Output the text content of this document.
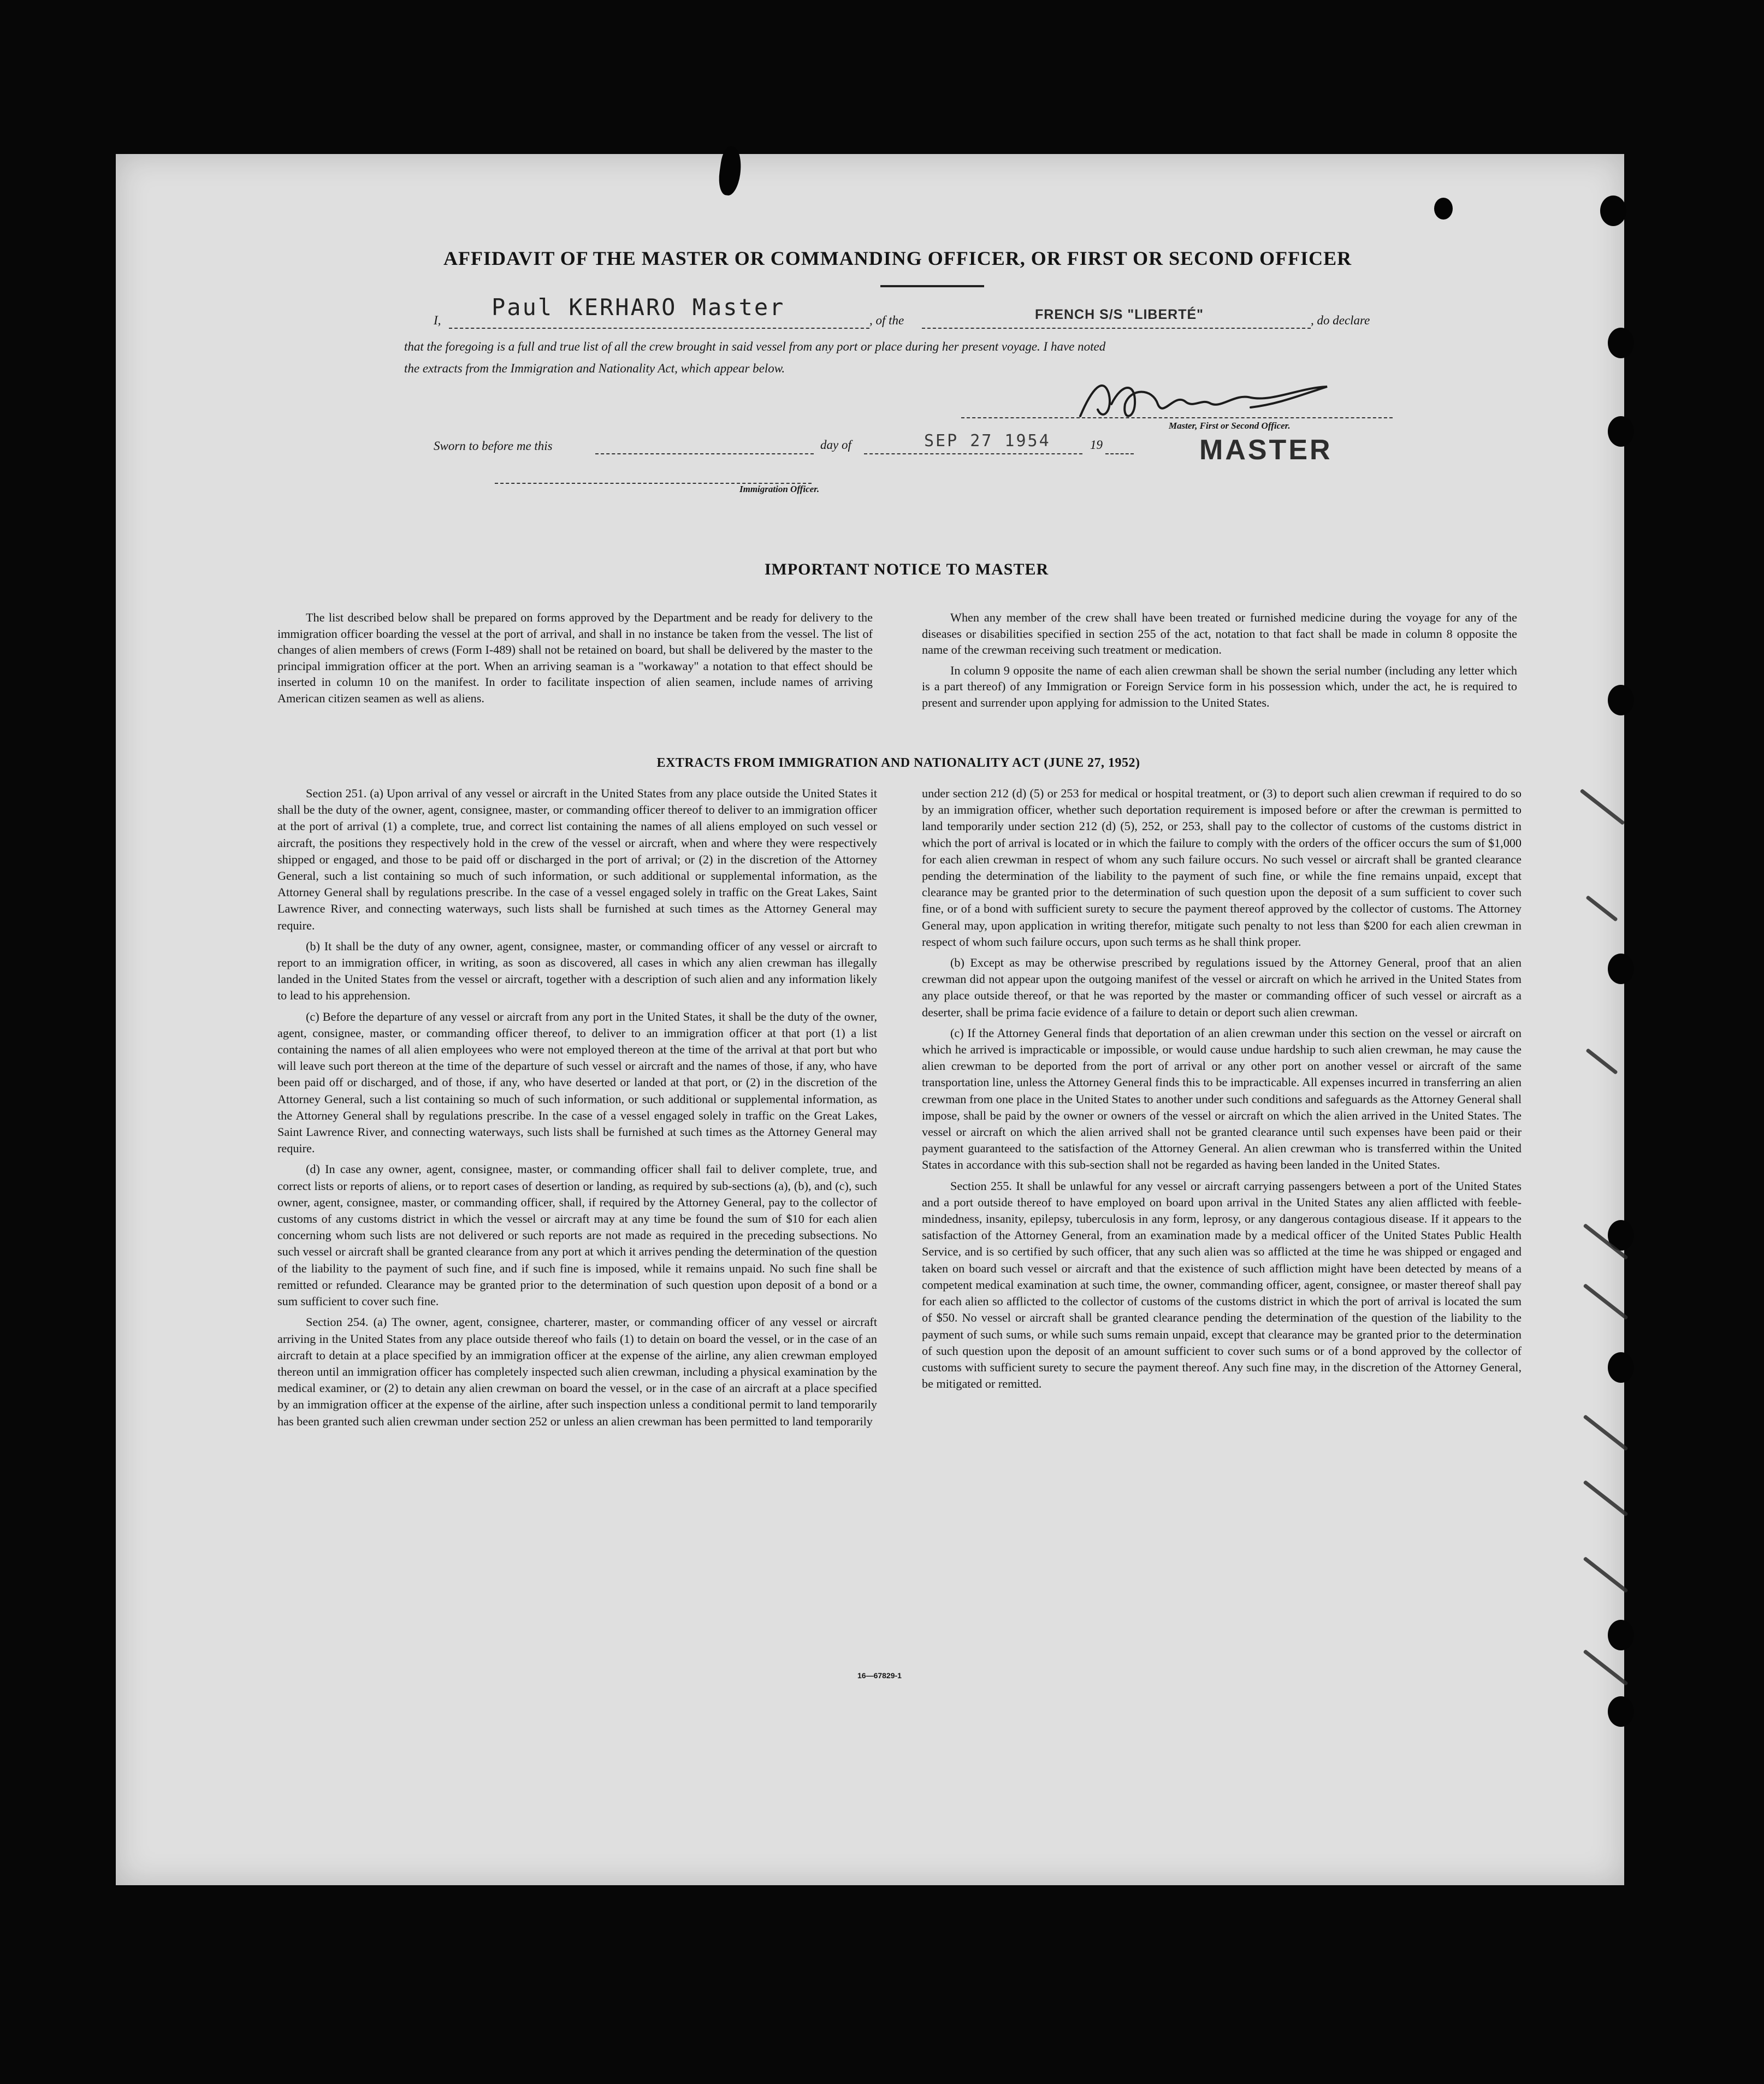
AFFIDAVIT OF THE MASTER OR COMMANDING OFFICER, OR FIRST OR SECOND OFFICER
I, Paul KERHARO Master	, of the	FRENCH S/S "LIBERTÉ"	, do declare
that the foregoing is a full and true list of all the crew brought in said vessel from any port or place during her present voyage. I have noted
the extracts from the Immigration and Nationality Act, which appear below.
Master, First or Second Officer.
MASTER
Sworn to before me this	day of	SEP 27 1954	19
Immigration Officer.
IMPORTANT NOTICE TO MASTER

The list described below shall be prepared on forms approved by the Department and be ready for delivery to the immigration officer boarding the vessel at the port of arrival, and shall in no instance be taken from the vessel. The list of changes of alien members of crews (Form I-489) shall not be retained on board, but shall be delivered by the master to the principal immigration officer at the port. When an arriving seaman is a "workaway" a notation to that effect should be inserted in column 10 on the manifest. In order to facilitate inspection of alien seamen, include names of arriving American citizen seamen as well as aliens.

When any member of the crew shall have been treated or furnished medicine during the voyage for any of the diseases or disabilities specified in section 255 of the act, notation to that fact shall be made in column 8 opposite the name of the crewman receiving such treatment or medication.

In column 9 opposite the name of each alien crewman shall be shown the serial number (including any letter which is a part thereof) of any Immigration or Foreign Service form in his possession which, under the act, he is required to present and surrender upon applying for admission to the United States.

EXTRACTS FROM IMMIGRATION AND NATIONALITY ACT (JUNE 27, 1952)

Section 251. (a) Upon arrival of any vessel or aircraft in the United States from any place outside the United States it shall be the duty of the owner, agent, consignee, master, or commanding officer thereof to deliver to an immigration officer at the port of arrival (1) a complete, true, and correct list containing the names of all aliens employed on such vessel or aircraft, the positions they respectively hold in the crew of the vessel or aircraft, when and where they were respectively shipped or engaged, and those to be paid off or discharged in the port of arrival; or (2) in the discretion of the Attorney General, such a list containing so much of such information, or such additional or supplemental information, as the Attorney General shall by regulations prescribe. In the case of a vessel engaged solely in traffic on the Great Lakes, Saint Lawrence River, and connecting waterways, such lists shall be furnished at such times as the Attorney General may require.

(b) It shall be the duty of any owner, agent, consignee, master, or commanding officer of any vessel or aircraft to report to an immigration officer, in writing, as soon as discovered, all cases in which any alien crewman has illegally landed in the United States from the vessel or aircraft, together with a description of such alien and any information likely to lead to his apprehension.

(c) Before the departure of any vessel or aircraft from any port in the United States, it shall be the duty of the owner, agent, consignee, master, or commanding officer thereof, to deliver to an immigration officer at that port (1) a list containing the names of all alien employees who were not employed thereon at the time of the arrival at that port but who will leave such port thereon at the time of the departure of such vessel or aircraft and the names of those, if any, who have been paid off or discharged, and of those, if any, who have deserted or landed at that port, or (2) in the discretion of the Attorney General, such a list containing so much of such information, or such additional or supplemental information, as the Attorney General shall by regulations prescribe. In the case of a vessel engaged solely in traffic on the Great Lakes, Saint Lawrence River, and connecting waterways, such lists shall be furnished at such times as the Attorney General may require.

(d) In case any owner, agent, consignee, master, or commanding officer shall fail to deliver complete, true, and correct lists or reports of aliens, or to report cases of desertion or landing, as required by sub-sections (a), (b), and (c), such owner, agent, consignee, master, or commanding officer, shall, if required by the Attorney General, pay to the collector of customs of any customs district in which the vessel or aircraft may at any time be found the sum of $10 for each alien concerning whom such lists are not delivered or such reports are not made as required in the preceding subsections. No such vessel or aircraft shall be granted clearance from any port at which it arrives pending the determination of the question of the liability to the payment of such fine, and if such fine is imposed, while it remains unpaid. No such fine shall be remitted or refunded. Clearance may be granted prior to the determination of such question upon deposit of a bond or a sum sufficient to cover such fine.

Section 254. (a) The owner, agent, consignee, charterer, master, or commanding officer of any vessel or aircraft arriving in the United States from any place outside thereof who fails (1) to detain on board the vessel, or in the case of an aircraft to detain at a place specified by an immigration officer at the expense of the airline, any alien crewman employed thereon until an immigration officer has completely inspected such alien crewman, including a physical examination by the medical examiner, or (2) to detain any alien crewman on board the vessel, or in the case of an aircraft at a place specified by an immigration officer at the expense of the airline, after such inspection unless a conditional permit to land temporarily has been granted such alien crewman under section 252 or unless an alien crewman has been permitted to land temporarily

under section 212 (d) (5) or 253 for medical or hospital treatment, or (3) to deport such alien crewman if required to do so by an immigration officer, whether such deportation requirement is imposed before or after the crewman is permitted to land temporarily under section 212 (d) (5), 252, or 253, shall pay to the collector of customs of the customs district in which the port of arrival is located or in which the failure to comply with the orders of the officer occurs the sum of $1,000 for each alien crewman in respect of whom any such failure occurs. No such vessel or aircraft shall be granted clearance pending the determination of the liability to the payment of such fine, or while the fine remains unpaid, except that clearance may be granted prior to the determination of such question upon the deposit of a sum sufficient to cover such fine, or of a bond with sufficient surety to secure the payment thereof approved by the collector of customs. The Attorney General may, upon application in writing therefor, mitigate such penalty to not less than $200 for each alien crewman in respect of whom such failure occurs, upon such terms as he shall think proper.

(b) Except as may be otherwise prescribed by regulations issued by the Attorney General, proof that an alien crewman did not appear upon the outgoing manifest of the vessel or aircraft on which he arrived in the United States from any place outside thereof, or that he was reported by the master or commanding officer of such vessel or aircraft as a deserter, shall be prima facie evidence of a failure to detain or deport such alien crewman.

(c) If the Attorney General finds that deportation of an alien crewman under this section on the vessel or aircraft on which he arrived is impracticable or impossible, or would cause undue hardship to such alien crewman, he may cause the alien crewman to be deported from the port of arrival or any other port on another vessel or aircraft of the same transportation line, unless the Attorney General finds this to be impracticable. All expenses incurred in transferring an alien crewman from one place in the United States to another under such conditions and safeguards as the Attorney General shall impose, shall be paid by the owner or owners of the vessel or aircraft on which the alien arrived in the United States. The vessel or aircraft on which the alien arrived shall not be granted clearance until such expenses have been paid or their payment guaranteed to the satisfaction of the Attorney General. An alien crewman who is transferred within the United States in accordance with this sub-section shall not be regarded as having been landed in the United States.

Section 255. It shall be unlawful for any vessel or aircraft carrying passengers between a port of the United States and a port outside thereof to have employed on board upon arrival in the United States any alien afflicted with feeble-mindedness, insanity, epilepsy, tuberculosis in any form, leprosy, or any dangerous contagious disease. If it appears to the satisfaction of the Attorney General, from an examination made by a medical officer of the United States Public Health Service, and is so certified by such officer, that any such alien was so afflicted at the time he was shipped or engaged and taken on board such vessel or aircraft and that the existence of such affliction might have been detected by means of a competent medical examination at such time, the owner, commanding officer, agent, consignee, or master thereof shall pay for each alien so afflicted to the collector of customs of the customs district in which the port of arrival is located the sum of $50. No vessel or aircraft shall be granted clearance pending the determination of the question of the liability to the payment of such sums, or while such sums remain unpaid, except that clearance may be granted prior to the determination of such question upon the deposit of an amount sufficient to cover such sums or of a bond approved by the collector of customs with sufficient surety to secure the payment thereof. Any such fine may, in the discretion of the Attorney General, be mitigated or remitted.

16—67829-1
